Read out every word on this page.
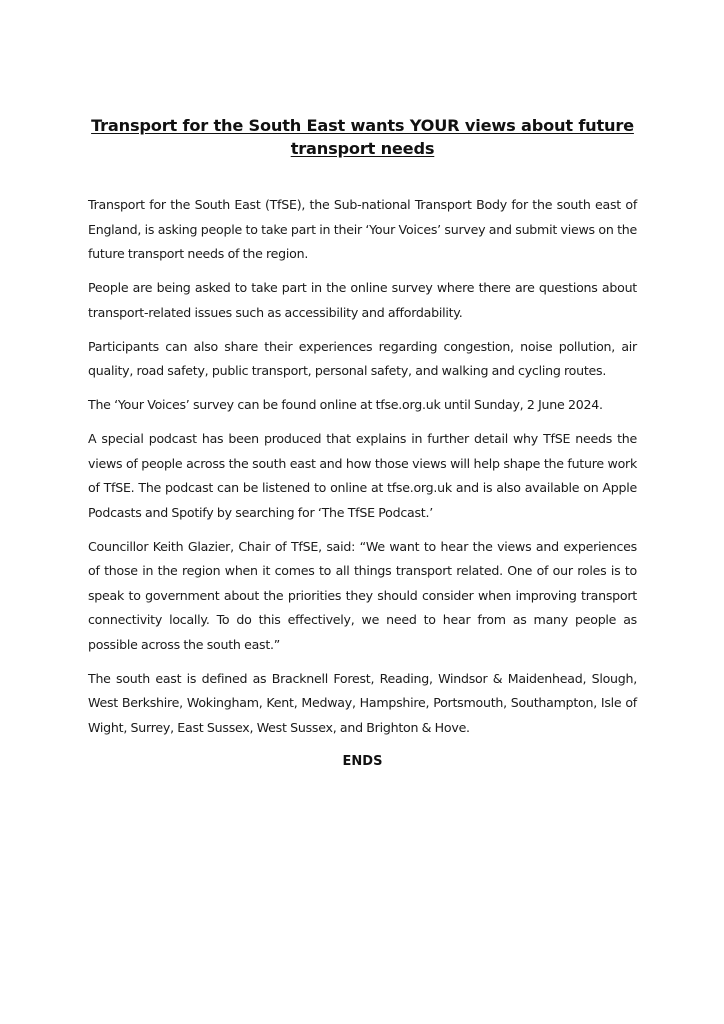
Transport for the South East wants YOUR views about future transport needs

Transport for the South East (TfSE), the Sub-national Transport Body for the south east of England, is asking people to take part in their ‘Your Voices’ survey and submit views on the future transport needs of the region.

People are being asked to take part in the online survey where there are questions about transport-related issues such as accessibility and affordability.

Participants can also share their experiences regarding congestion, noise pollution, air quality, road safety, public transport, personal safety, and walking and cycling routes.

The ‘Your Voices’ survey can be found online at tfse.org.uk until Sunday, 2 June 2024.

A special podcast has been produced that explains in further detail why TfSE needs the views of people across the south east and how those views will help shape the future work of TfSE. The podcast can be listened to online at tfse.org.uk and is also available on Apple Podcasts and Spotify by searching for ‘The TfSE Podcast.’

Councillor Keith Glazier, Chair of TfSE, said: “We want to hear the views and experiences of those in the region when it comes to all things transport related. One of our roles is to speak to government about the priorities they should consider when improving transport connectivity locally. To do this effectively, we need to hear from as many people as possible across the south east.”

The south east is defined as Bracknell Forest, Reading, Windsor & Maidenhead, Slough, West Berkshire, Wokingham, Kent, Medway, Hampshire, Portsmouth, Southampton, Isle of Wight, Surrey, East Sussex, West Sussex, and Brighton & Hove.

ENDS
